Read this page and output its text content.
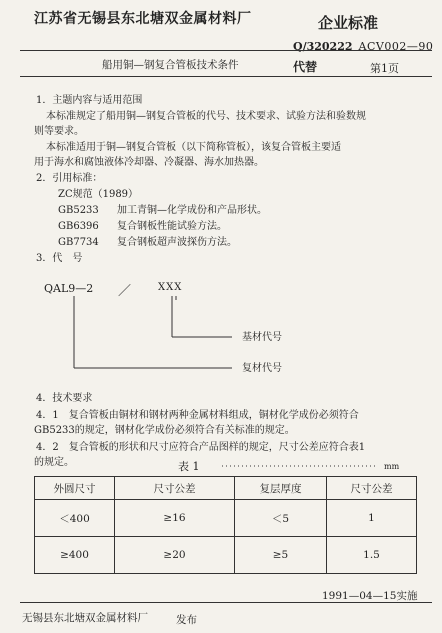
江苏省无锡县东北塘双金属材料厂	企业标准
Q/320222 ACV002—90
船用铜—钢复合管板技术条件	代替	第1页
1．主题内容与适用范围
本标准规定了船用铜—钢复合管板的代号、技术要求、试验方法和验数规
则等要求。
本标准适用于铜—钢复合管板（以下简称管板），该复合管板主要适
用于海水和腐蚀液体冷却器、冷凝器、海水加热器。
2．引用标准：
ZC规范（1989）
GB5233 加工青铜—化学成份和产品形状。
GB6396 复合钢板性能试验方法。
GB7734 复合钢板超声波探伤方法。
3．代　号
QAL9—2 ／	XXX
基材代号
复材代号
4．技术要求
4．1　复合管板由铜材和钢材两种金属材料组成，铜材化学成份必须符合
GB5233的规定，钢材化学成份必须符合有关标准的规定。
4．2　复合管板的形状和尺寸应符合产品图样的规定，尺寸公差应符合表1
的规定。	表 1	mm
外圆尺寸	尺寸公差	复层厚度	尺寸公差
＜400	≥16	＜5	1
≥400	≥20	≥5	1.5
1991—04—15实施
无锡县东北塘双金属材料厂	发布
